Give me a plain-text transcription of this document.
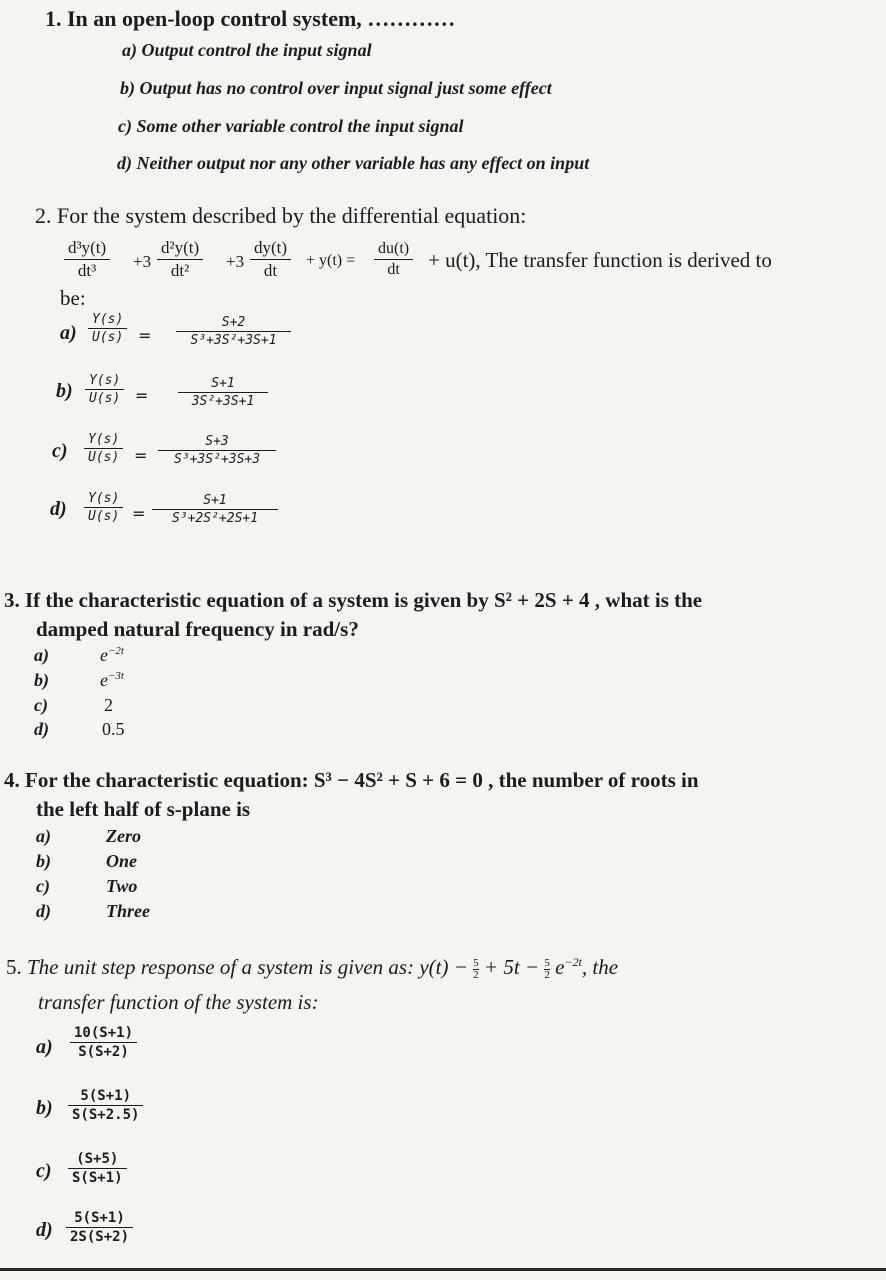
1. In an open-loop control system, …………
a) Output control the input signal
b) Output has no control over input signal just some effect
c) Some other variable control the input signal
d) Neither output nor any other variable has any effect on input
2. For the system described by the differential equation:
$\frac{\text{d³y(t)}}{\text{dt³}} +3 \frac{\text{d²y(t)}}{\text{dt²}} +3 \frac{dy(t)}{dt} + y(t) = \frac{du(t)}{dt} + u(t)$, The transfer function is derived to
be:
$a) \frac{Y(s)}{U(s)} = \frac{S+2}{\text{S³+3S²+3S+1}}$
$b) \frac{Y(s)}{U(s)} = \frac{S+1}{\text{3S²+3S+1}}$
$c) \frac{Y(s)}{U(s)} = \frac{S+3}{\text{S³+3S²+3S+3}}$
$d) \frac{Y(s)}{U(s)} = \frac{S+1}{\text{S³+2S²+2S+1}}$
3. If the characteristic equation of a system is given by S² + 2S + 4 , what is the
damped natural frequency in rad/s?
a)	$e^{-2t}$
b)	$e^{-3t}$
c)	2
d)	0.5
4. For the characteristic equation: S³ − 4S² + S + 6 = 0 , the number of roots in
the left half of s-plane is
a)	Zero
b)	One
c)	Two
d)	Three
5. The unit step response of a system is given as: $y(t) - \frac{5}{2} + 5t - \frac{5}{2} e^{-2t}$, the
transfer function of the system is:
$a) \frac{10(S+1)}{S(S+2)}$
$b) \frac{5(S+1)}{S(S+2.5)}$
$c) \frac{(S+5)}{S(S+1)}$
$d) \frac{5(S+1)}{2S(S+2)}$
